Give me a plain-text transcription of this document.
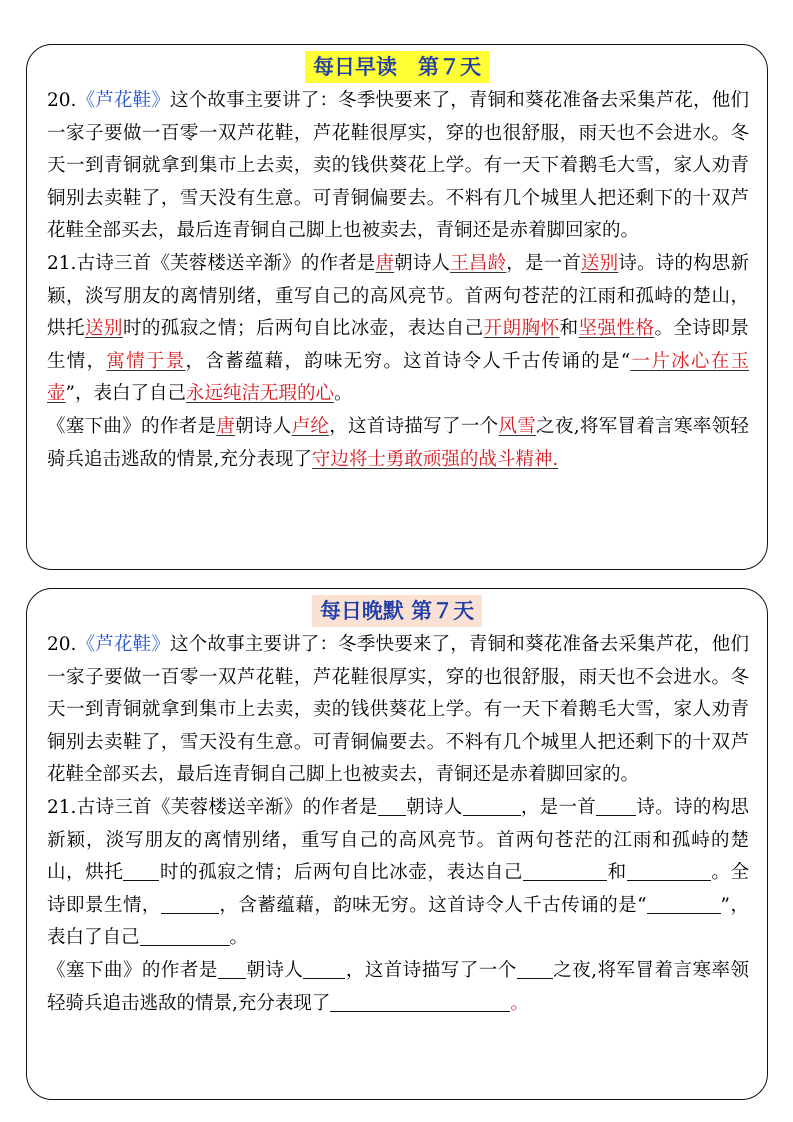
每日早读　第７天

20.《芦花鞋》这个故事主要讲了：冬季快要来了，青铜和葵花准备去采集芦花，他们一家子要做一百零一双芦花鞋，芦花鞋很厚实，穿的也很舒服，雨天也不会进水。冬天一到青铜就拿到集市上去卖，卖的钱供葵花上学。有一天下着鹅毛大雪，家人劝青铜别去卖鞋了，雪天没有生意。可青铜偏要去。不料有几个城里人把还剩下的十双芦花鞋全部买去，最后连青铜自己脚上也被卖去，青铜还是赤着脚回家的。

21.古诗三首《芙蓉楼送辛渐》的作者是唐朝诗人王昌龄，是一首送别诗。诗的构思新颖，淡写朋友的离情别绪，重写自己的高风亮节。首两句苍茫的江雨和孤峙的楚山，烘托送别时的孤寂之情；后两句自比冰壶，表达自己开朗胸怀和坚强性格。全诗即景生情，寓情于景，含蓄蕴藉，韵味无穷。这首诗令人千古传诵的是“一片冰心在玉壶”，表白了自己永远纯洁无瑕的心。

《塞下曲》的作者是唐朝诗人卢纶，这首诗描写了一个风雪之夜,将军冒着言寒率领轻骑兵追击逃敌的情景,充分表现了守边将士勇敢顽强的战斗精神.

每日晚默 第７天

20.《芦花鞋》这个故事主要讲了：冬季快要来了，青铜和葵花准备去采集芦花，他们一家子要做一百零一双芦花鞋，芦花鞋很厚实，穿的也很舒服，雨天也不会进水。冬天一到青铜就拿到集市上去卖，卖的钱供葵花上学。有一天下着鹅毛大雪，家人劝青铜别去卖鞋了，雪天没有生意。可青铜偏要去。不料有几个城里人把还剩下的十双芦花鞋全部买去，最后连青铜自己脚上也被卖去，青铜还是赤着脚回家的。

21.古诗三首《芙蓉楼送辛渐》的作者是 朝诗人	，是一首 诗。诗的构思新颖，淡写朋友的离情别绪，重写自己的高风亮节。首两句苍茫的江雨和孤峙的楚山，烘托 时的孤寂之情；后两句自比冰壶，表达自己	和	。全诗即景生情，	，含蓄蕴藉，韵味无穷。这首诗令人千古传诵的是“	”，表白了自己	。

《塞下曲》的作者是 朝诗人 ，这首诗描写了一个 之夜,将军冒着言寒率领轻骑兵追击逃敌的情景,充分表现了	。
